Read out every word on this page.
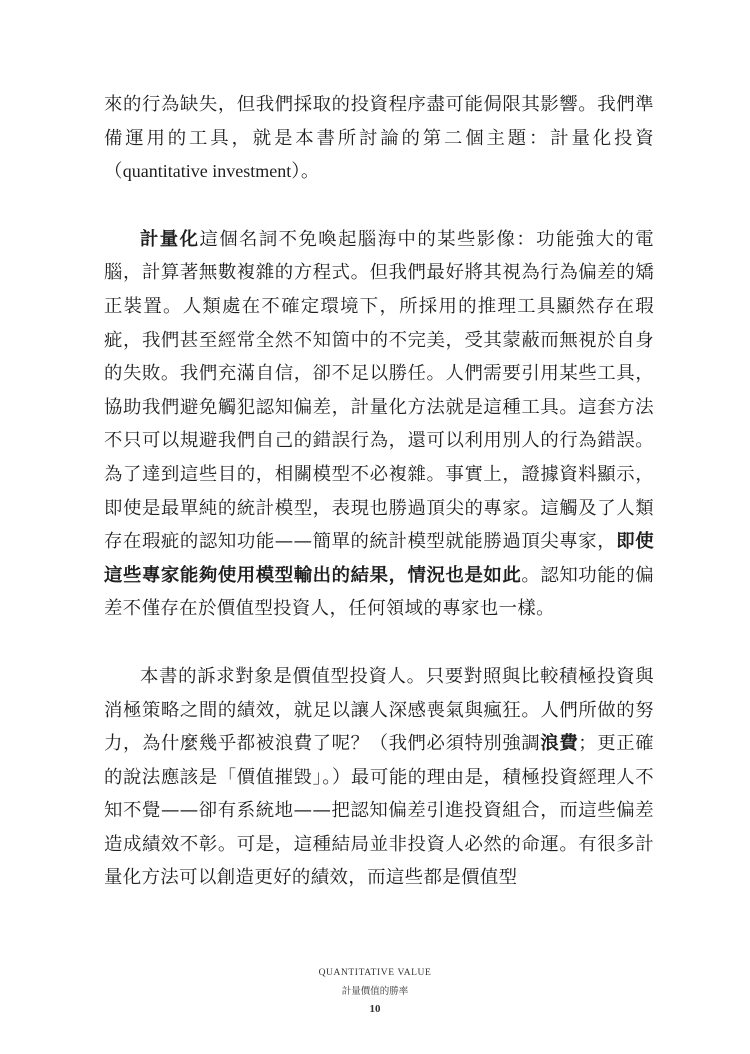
來的行為缺失，但我們採取的投資程序盡可能侷限其影響。我們準備運用的工具，就是本書所討論的第二個主題：計量化投資（quantitative investment）。

計量化這個名詞不免喚起腦海中的某些影像：功能強大的電腦，計算著無數複雜的方程式。但我們最好將其視為行為偏差的矯正裝置。人類處在不確定環境下，所採用的推理工具顯然存在瑕疵，我們甚至經常全然不知箇中的不完美，受其蒙蔽而無視於自身的失敗。我們充滿自信，卻不足以勝任。人們需要引用某些工具，協助我們避免觸犯認知偏差，計量化方法就是這種工具。這套方法不只可以規避我們自己的錯誤行為，還可以利用別人的行為錯誤。為了達到這些目的，相關模型不必複雜。事實上，證據資料顯示，即使是最單純的統計模型，表現也勝過頂尖的專家。這觸及了人類存在瑕疵的認知功能——簡單的統計模型就能勝過頂尖專家，即使這些專家能夠使用模型輸出的結果，情況也是如此。認知功能的偏差不僅存在於價值型投資人，任何領域的專家也一樣。

本書的訴求對象是價值型投資人。只要對照與比較積極投資與消極策略之間的績效，就足以讓人深感喪氣與瘋狂。人們所做的努力，為什麼幾乎都被浪費了呢？（我們必須特別強調浪費；更正確的說法應該是「價值摧毀」。）最可能的理由是，積極投資經理人不知不覺——卻有系統地——把認知偏差引進投資組合，而這些偏差造成績效不彰。可是，這種結局並非投資人必然的命運。有很多計量化方法可以創造更好的績效，而這些都是價值型

QUANTITATIVE VALUE
計量價值的勝率
10
